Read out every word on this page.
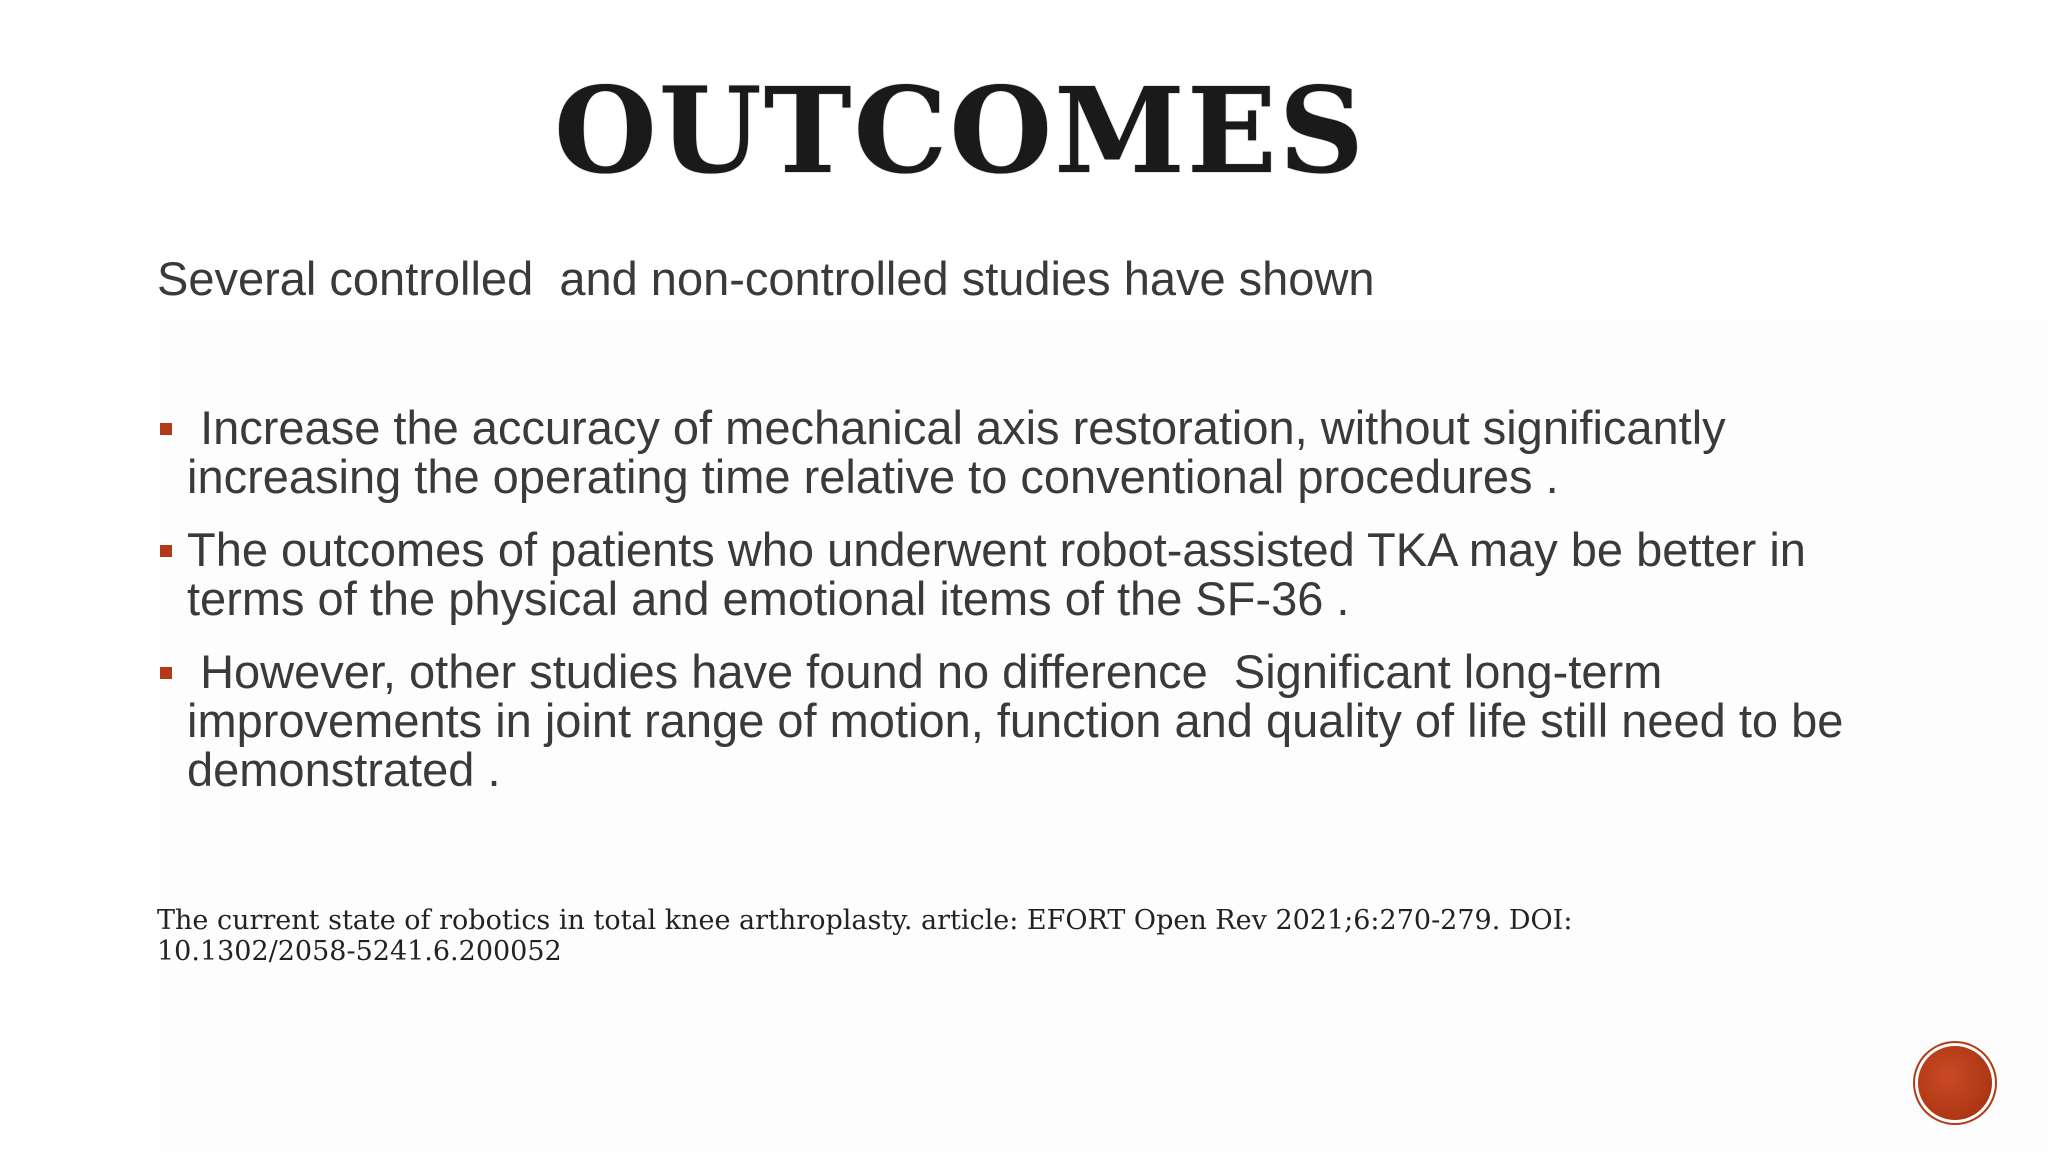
OUTCOMES
Several controlled  and non-controlled studies have shown
Increase the accuracy of mechanical axis restoration, without significantly increasing the operating time relative to conventional procedures .
The outcomes of patients who underwent robot-assisted TKA may be better in terms of the physical and emotional items of the SF-36 .
However, other studies have found no difference  Significant long-term improvements in joint range of motion, function and quality of life still need to be demonstrated .
The current state of robotics in total knee arthroplasty. article: EFORT Open Rev 2021;6:270-279. DOI: 10.1302/2058-5241.6.200052
